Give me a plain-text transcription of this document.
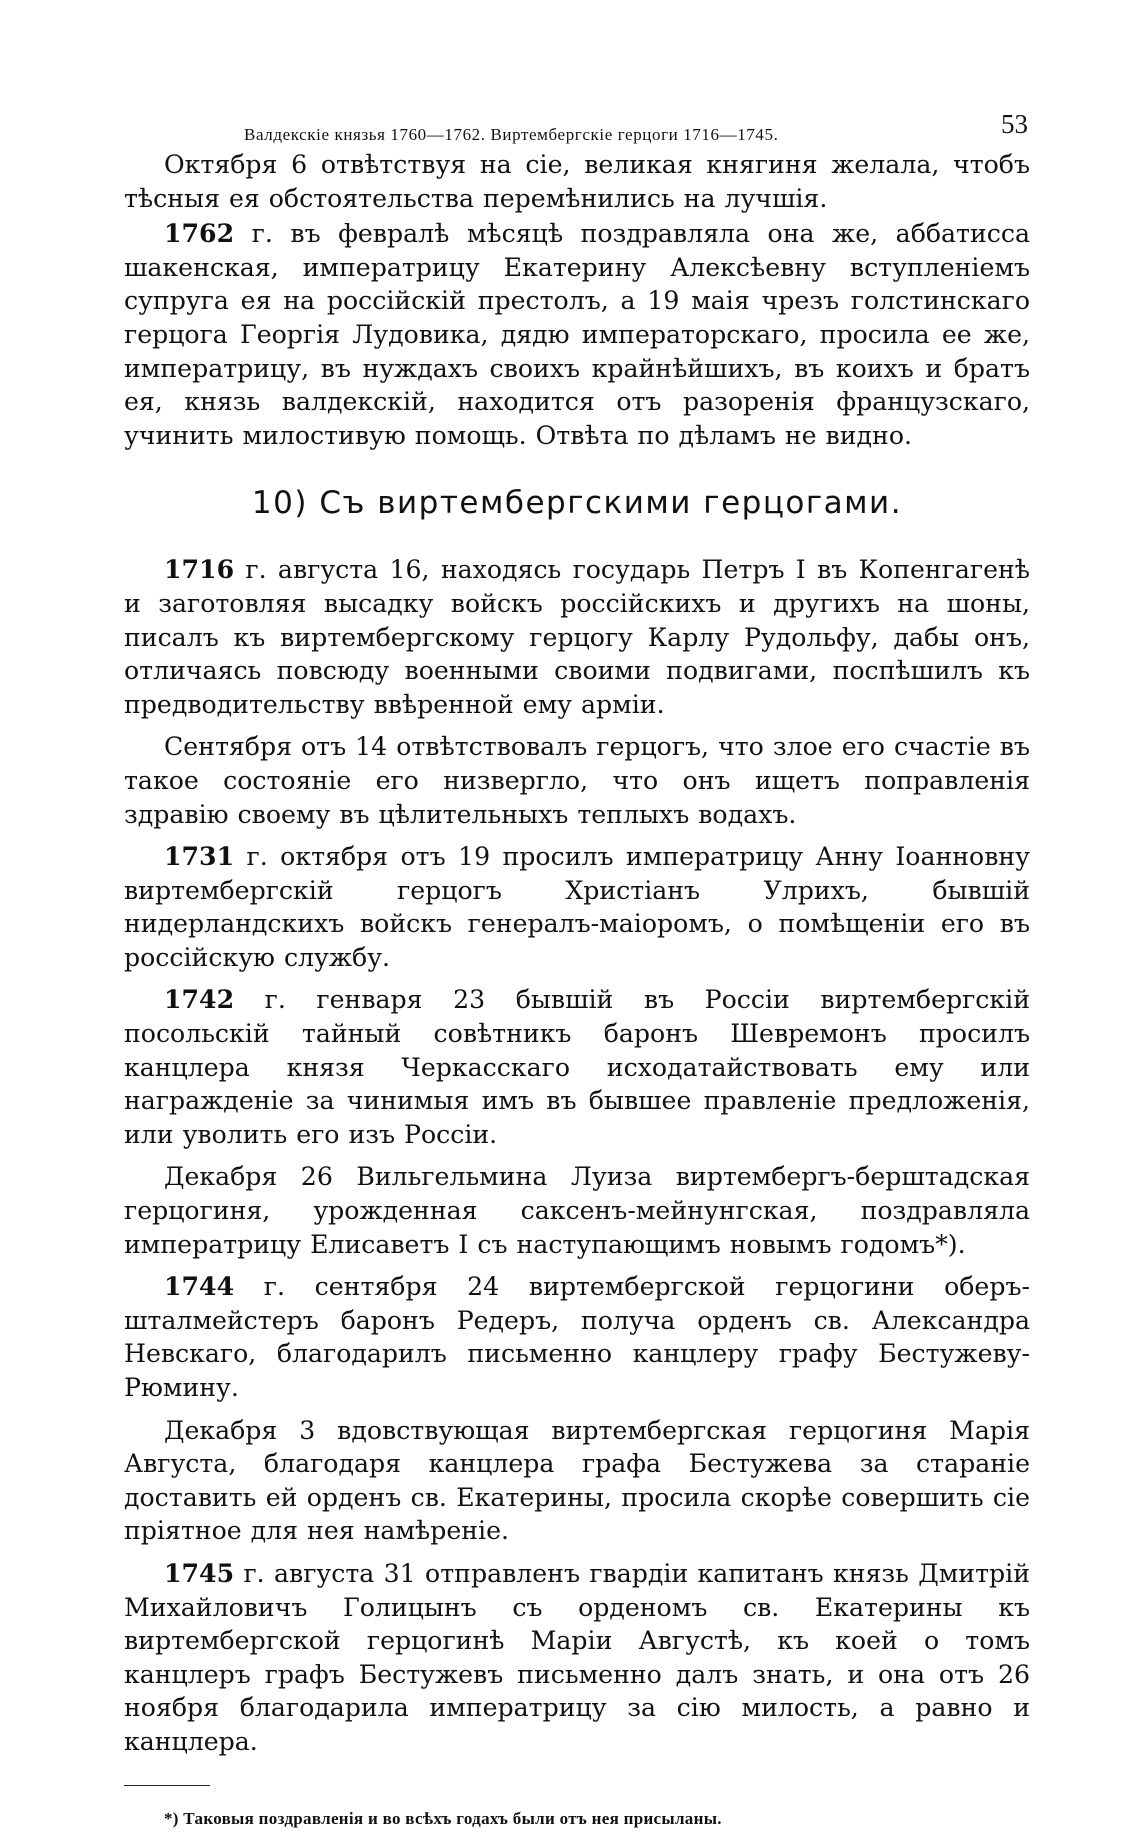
Валдекскіе князья 1760—1762. Виртембергскіе герцоги 1716—1745.	53

Октября 6 отвѣтствуя на сіе, великая княгиня желала, чтобъ тѣсныя ея обстоятельства перемѣнились на лучшія.

1762 г. въ февралѣ мѣсяцѣ поздравляла она же, аббатисса шакенская, императрицу Екатерину Алексѣевну вступленіемъ супруга ея на россійскій престолъ, а 19 маія чрезъ голстинскаго герцога Георгія Лудовика, дядю императорскаго, просила ее же, императрицу, въ нуждахъ своихъ крайнѣйшихъ, въ коихъ и братъ ея, князь валдекскій, находится отъ разоренія французскаго, учинить милостивую помощь. Отвѣта по дѣламъ не видно.

10) Съ виртембергскими герцогами.

1716 г. августа 16, находясь государь Петръ I въ Копенгагенѣ и заготовляя высадку войскъ россійскихъ и другихъ на шоны, писалъ къ виртембергскому герцогу Карлу Рудольфу, дабы онъ, отличаясь повсюду военными своими подвигами, поспѣшилъ къ предводительству ввѣренной ему арміи.

Сентября отъ 14 отвѣтствовалъ герцогъ, что злое его счастіе въ такое состояніе его низвергло, что онъ ищетъ поправленія здравію своему въ цѣлительныхъ теплыхъ водахъ.

1731 г. октября отъ 19 просилъ императрицу Анну Іоанновну виртембергскій герцогъ Христіанъ Улрихъ, бывшій нидерландскихъ войскъ генералъ-маіоромъ, о помѣщеніи его въ россійскую службу.

1742 г. генваря 23 бывшій въ Россіи виртембергскій посольскій тайный совѣтникъ баронъ Шевремонъ просилъ канцлера князя Черкасскаго исходатайствовать ему или награжденіе за чинимыя имъ въ бывшее правленіе предложенія, или уволить его изъ Россіи.

Декабря 26 Вильгельмина Луиза виртембергъ-берштадская герцогиня, урожденная саксенъ-мейнунгская, поздравляла императрицу Елисаветъ I съ наступающимъ новымъ годомъ*).

1744 г. сентября 24 виртембергской герцогини оберъ-шталмейстеръ баронъ Редеръ, получа орденъ св. Александра Невскаго, благодарилъ письменно канцлеру графу Бестужеву-Рюмину.

Декабря 3 вдовствующая виртембергская герцогиня Марія Августа, благодаря канцлера графа Бестужева за стараніе доставить ей орденъ св. Екатерины, просила скорѣе совершить сіе пріятное для нея намѣреніе.

1745 г. августа 31 отправленъ гвардіи капитанъ князь Дмитрій Михайловичъ Голицынъ съ орденомъ св. Екатерины къ виртембергской герцогинѣ Маріи Августѣ, къ коей о томъ канцлеръ графъ Бестужевъ письменно далъ знать, и она отъ 26 ноября благодарила императрицу за сію милость, а равно и канцлера.

*) Таковыя поздравленія и во всѣхъ годахъ были отъ нея присыланы.
